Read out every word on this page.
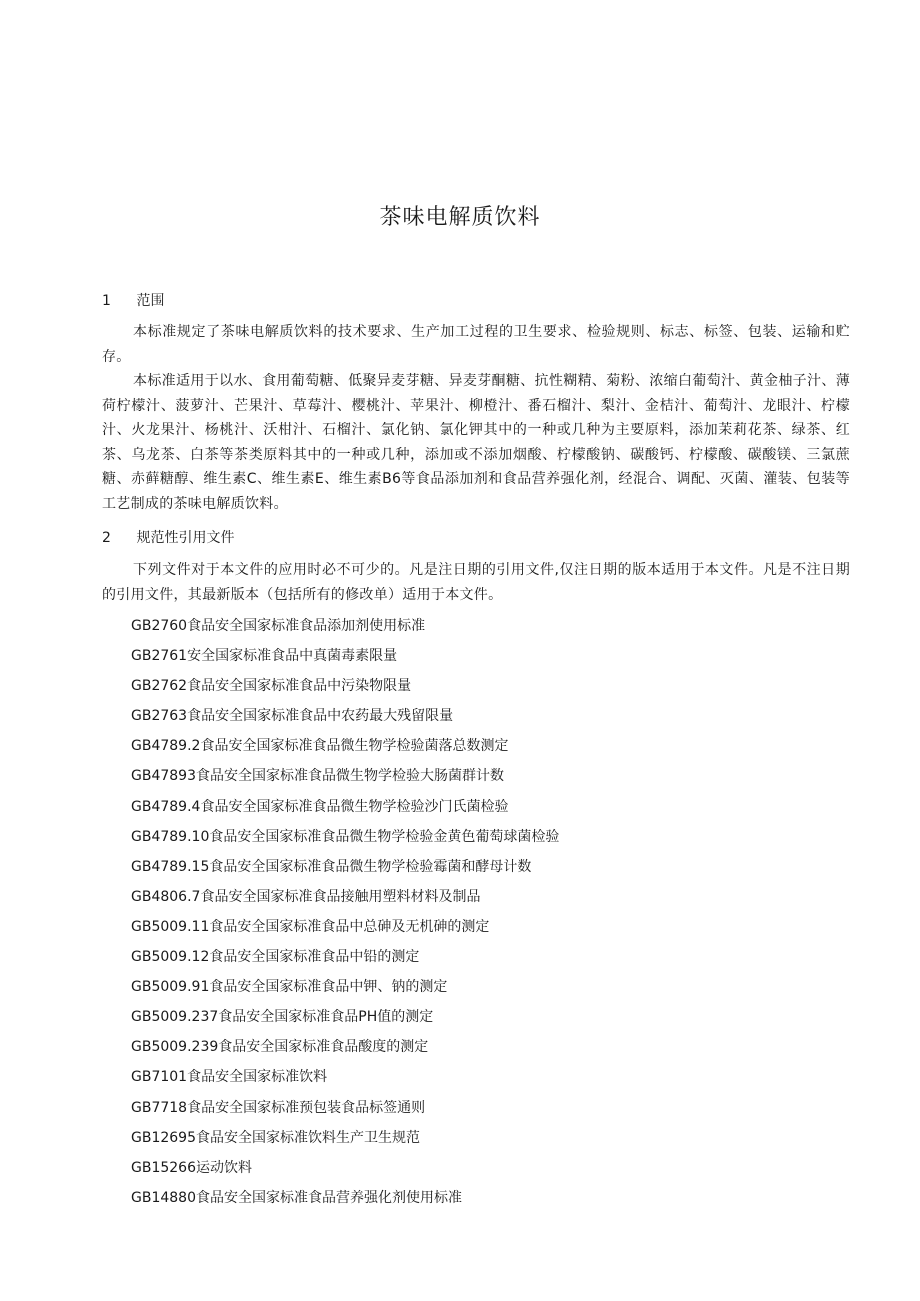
茶味电解质饮料
1 范围

本标准规定了茶味电解质饮料的技术要求、生产加工过程的卫生要求、检验规则、标志、标签、包装、运输和贮存。

本标准适用于以水、食用葡萄糖、低聚异麦芽糖、异麦芽酮糖、抗性糊精、菊粉、浓缩白葡萄汁、黄金柚子汁、薄荷柠檬汁、菠萝汁、芒果汁、草莓汁、樱桃汁、苹果汁、柳橙汁、番石榴汁、梨汁、金桔汁、葡萄汁、龙眼汁、柠檬汁、火龙果汁、杨桃汁、沃柑汁、石榴汁、氯化钠、氯化钾其中的一种或几种为主要原料，添加茉莉花茶、绿茶、红茶、乌龙茶、白茶等茶类原料其中的一种或几种，添加或不添加烟酸、柠檬酸钠、碳酸钙、柠檬酸、碳酸镁、三氯蔗糖、赤藓糖醇、维生素C、维生素E、维生素B6等食品添加剂和食品营养强化剂，经混合、调配、灭菌、灌装、包装等工艺制成的茶味电解质饮料。

2 规范性引用文件

下列文件对于本文件的应用时必不可少的。凡是注日期的引用文件,仅注日期的版本适用于本文件。凡是不注日期的引用文件，其最新版本（包括所有的修改单）适用于本文件。

GB2760食品安全国家标准食品添加剂使用标准
GB2761安全国家标准食品中真菌毒素限量
GB2762食品安全国家标准食品中污染物限量
GB2763食品安全国家标准食品中农药最大残留限量
GB4789.2食品安全国家标准食品微生物学检验菌落总数测定
GB47893食品安全国家标准食品微生物学检验大肠菌群计数
GB4789.4食品安全国家标准食品微生物学检验沙门氏菌检验
GB4789.10食品安全国家标准食品微生物学检验金黄色葡萄球菌检验
GB4789.15食品安全国家标准食品微生物学检验霉菌和酵母计数
GB4806.7食品安全国家标准食品接触用塑料材料及制品
GB5009.11食品安全国家标准食品中总砷及无机砷的测定
GB5009.12食品安全国家标准食品中铅的测定
GB5009.91食品安全国家标准食品中钾、钠的测定
GB5009.237食品安全国家标准食品PH值的测定
GB5009.239食品安全国家标准食品酸度的测定
GB7101食品安全国家标准饮料
GB7718食品安全国家标准预包装食品标签通则
GB12695食品安全国家标准饮料生产卫生规范
GB15266运动饮料
GB14880食品安全国家标准食品营养强化剂使用标准
